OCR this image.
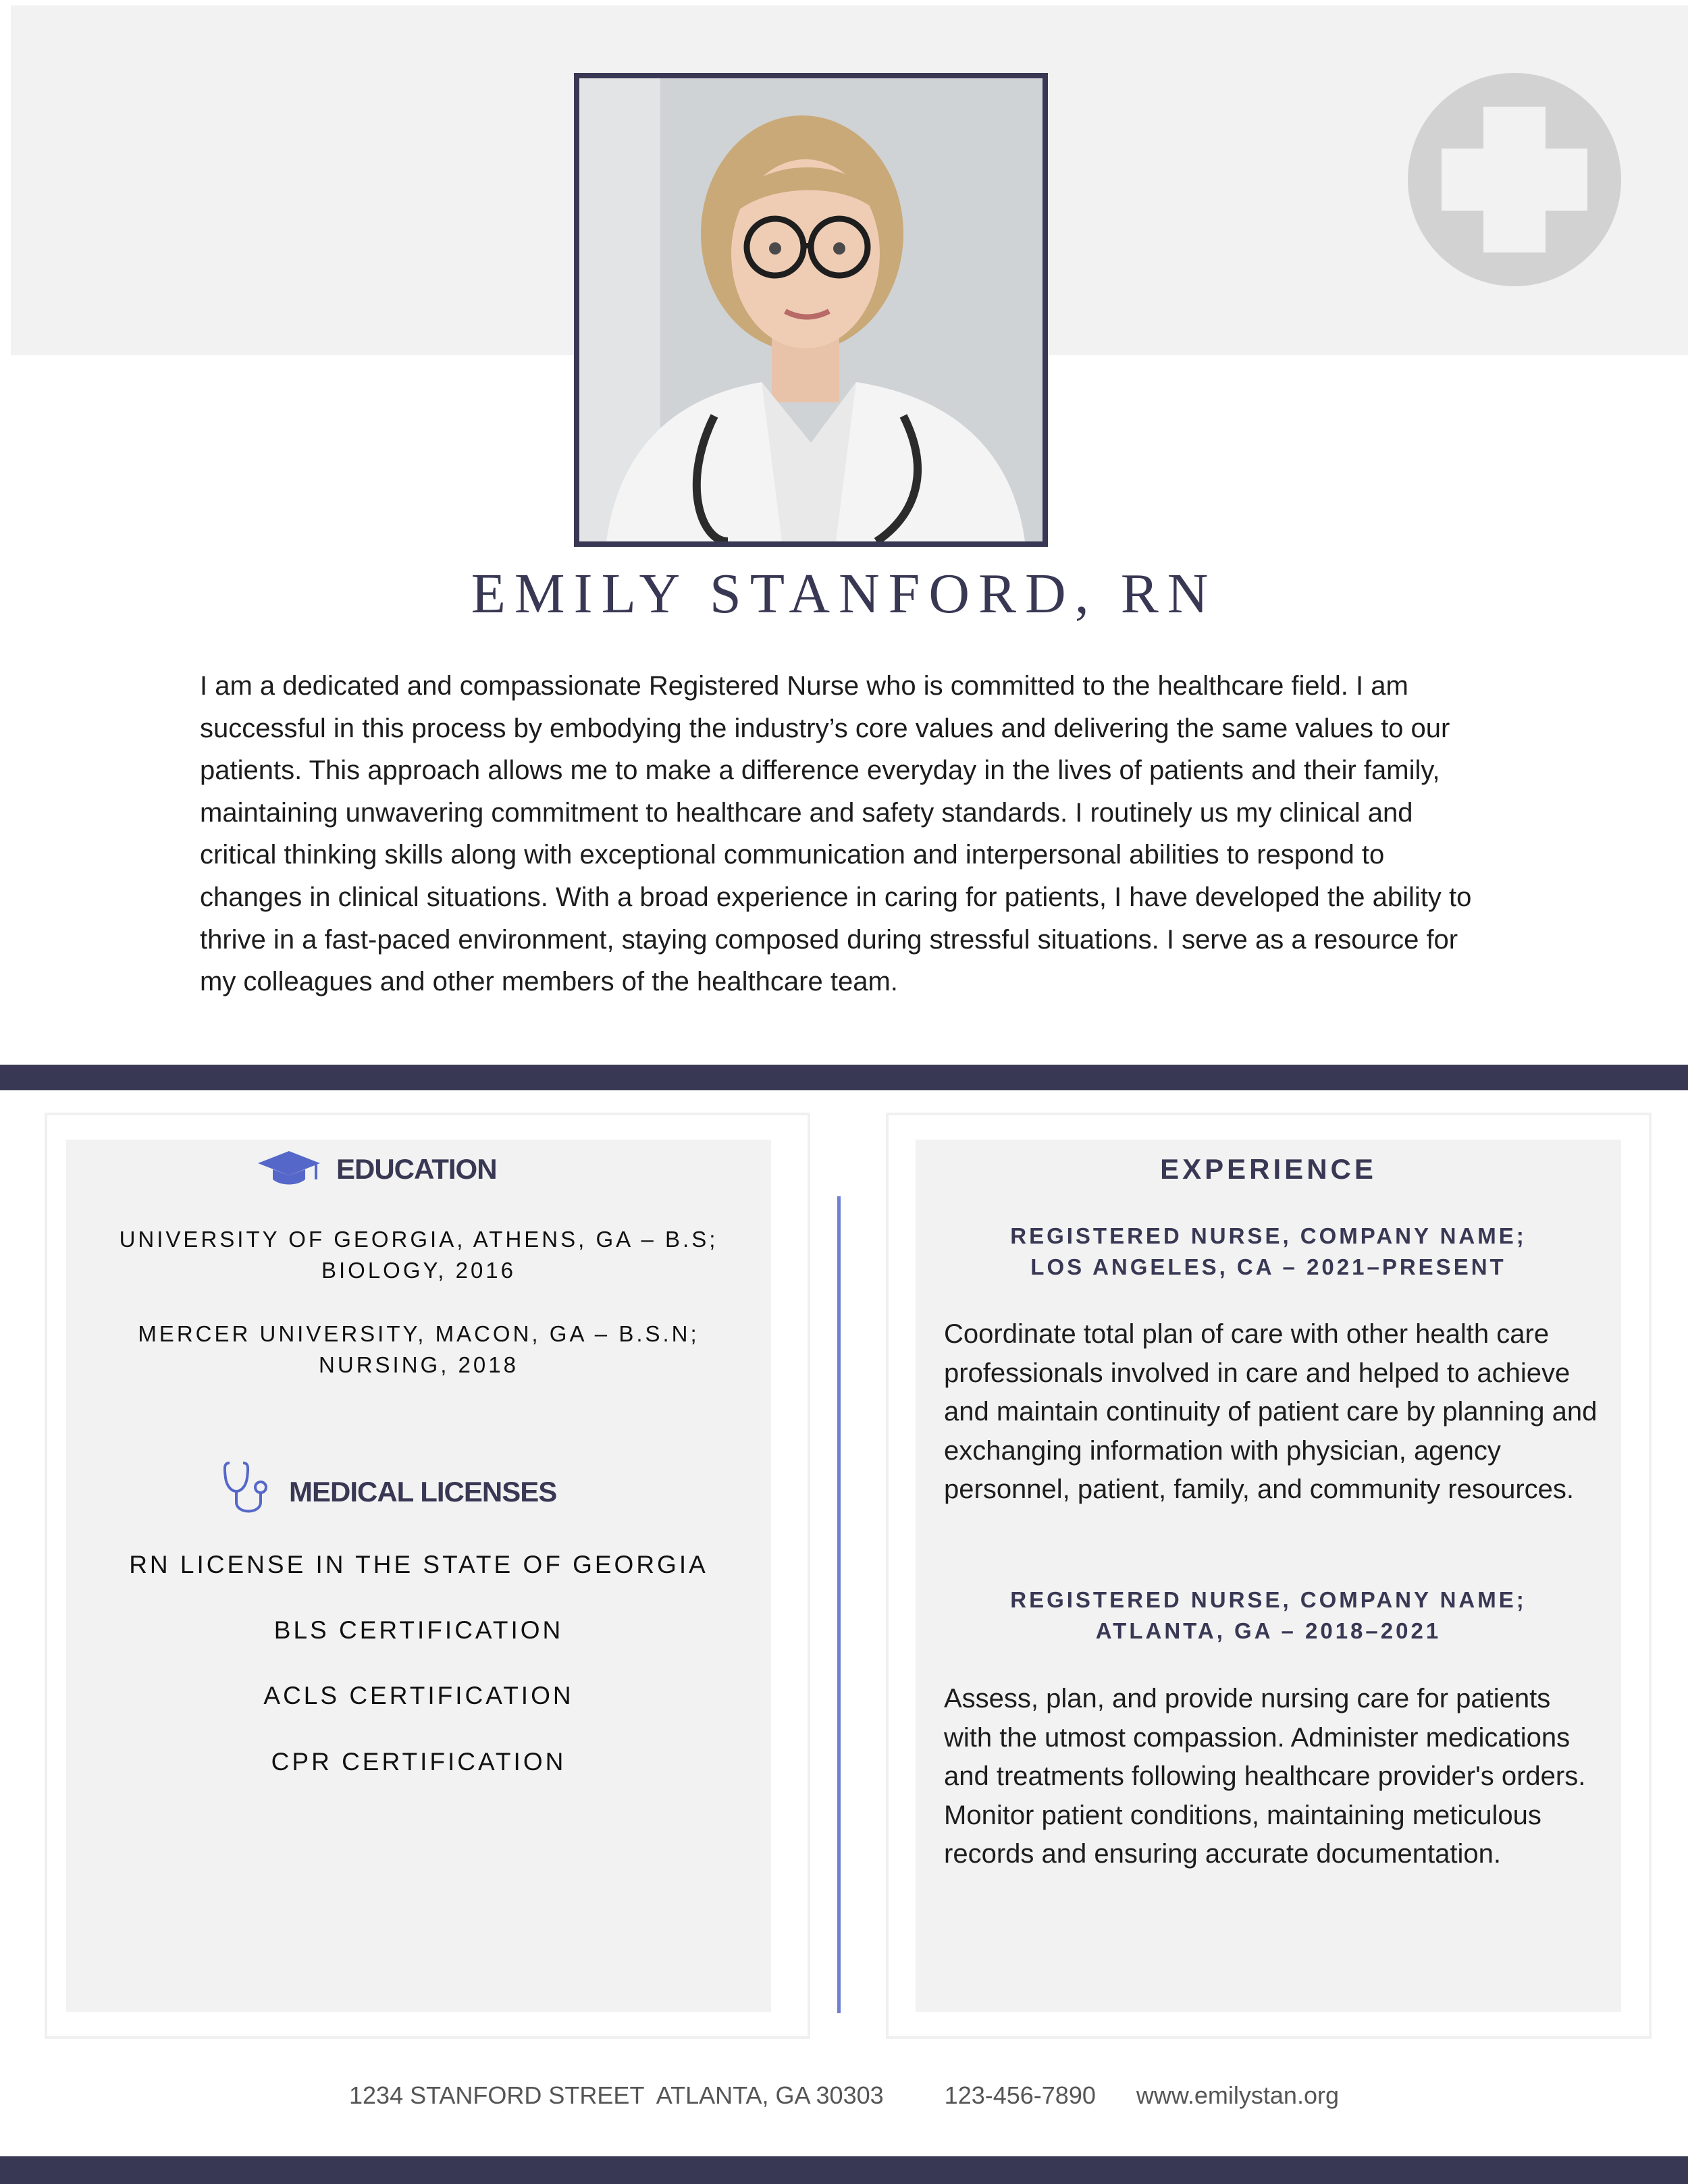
EMILY STANFORD, RN

I am a dedicated and compassionate Registered Nurse who is committed to the healthcare field. I am successful in this process by embodying the industry’s core values and delivering the same values to our patients. This approach allows me to make a difference everyday in the lives of patients and their family, maintaining unwavering commitment to healthcare and safety standards. I routinely us my clinical and critical thinking skills along with exceptional communication and interpersonal abilities to respond to changes in clinical situations. With a broad experience in caring for patients, I have developed the ability to thrive in a fast-paced environment, staying composed during stressful situations. I serve as a resource for my colleagues and other members of the healthcare team.

EDUCATION
UNIVERSITY OF GEORGIA, ATHENS, GA – B.S;
BIOLOGY, 2016
MERCER UNIVERSITY, MACON, GA – B.S.N;
NURSING, 2018
MEDICAL LICENSES
RN LICENSE IN THE STATE OF GEORGIA
BLS CERTIFICATION
ACLS CERTIFICATION
CPR CERTIFICATION
EXPERIENCE
REGISTERED NURSE, COMPANY NAME;
LOS ANGELES, CA – 2021–PRESENT

Coordinate total plan of care with other health care professionals involved in care and helped to achieve and maintain continuity of patient care by planning and exchanging information with physician, agency personnel, patient, family, and community resources.

REGISTERED NURSE, COMPANY NAME;
ATLANTA, GA – 2018–2021

Assess, plan, and provide nursing care for patients with the utmost compassion. Administer medications and treatments following healthcare provider's orders. Monitor patient conditions, maintaining meticulous records and ensuring accurate documentation.

1234 STANFORD STREET  ATLANTA, GA 30303	123-456-7890 www.emilystan.org
